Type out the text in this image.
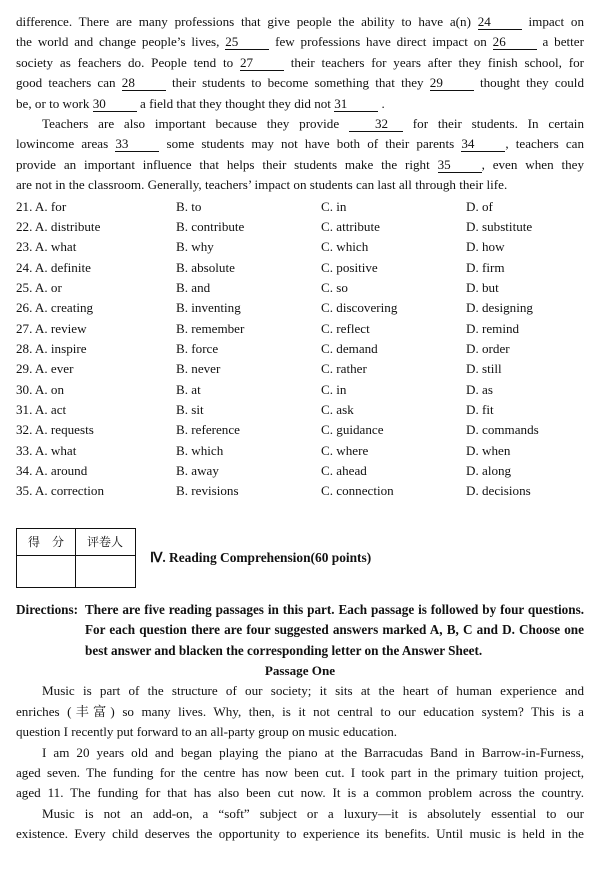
difference. There are many professions that give people the ability to have a(n) 24	impact on

the world and change people’s lives, 25	few professions have direct impact on 26	a better

society as feachers do. People tend to 27	their teachers for years after they finish school, for

good teachers can 28	their students to become something that they 29	thought they could

be, or to work 30	a field that they thought they did not 31	.

Teachers are also important because they provide	32 for their students. In certain

lowincome areas 33	some students may not have both of their parents 34 , teachers can

provide an important influence that helps their students make the right 35 , even when they

are not in the classroom. Generally, teachers’ impact on students can last all through their life.

21. A. for	B. to	C. in	D. of
22. A. distribute	B. contribute	C. attribute	D. substitute
23. A. what	B. why	C. which	D. how
24. A. definite	B. absolute	C. positive	D. firm
25. A. or	B. and	C. so	D. but
26. A. creating	B. inventing	C. discovering	D. designing
27. A. review	B. remember	C. reflect	D. remind
28. A. inspire	B. force	C. demand	D. order
29. A. ever	B. never	C. rather	D. still
30. A. on	B. at	C. in	D. as
31. A. act	B. sit	C. ask	D. fit
32. A. requests	B. reference	C. guidance	D. commands
33. A. what	B. which	C. where	D. when
34. A. around	B. away	C. ahead	D. along
35. A. correction	B. revisions	C. connection	D. decisions
得　分	评卷人
Ⅳ. Reading Comprehension(60 points)
Directions: There are five reading passages in this part. Each passage is followed by four questions. For each question there are four suggested answers marked A, B, C and D. Choose one best answer and blacken the corresponding letter on the Answer Sheet.

Passage One

Music is part of the structure of our society; it sits at the heart of human experience and

enriches (丰富) so many lives. Why, then, is it not central to our education system? This is a

question I recently put forward to an all-party group on music education.

I am 20 years old and began playing the piano at the Barracudas Band in Barrow-in-Furness,

aged seven. The funding for the centre has now been cut. I took part in the primary tuition project,

aged 11. The funding for that has also been cut now. It is a common problem across the country.

Music is not an add-on, a “soft” subject or a luxury—it is absolutely essential to our

existence. Every child deserves the opportunity to experience its benefits. Until music is held in the
